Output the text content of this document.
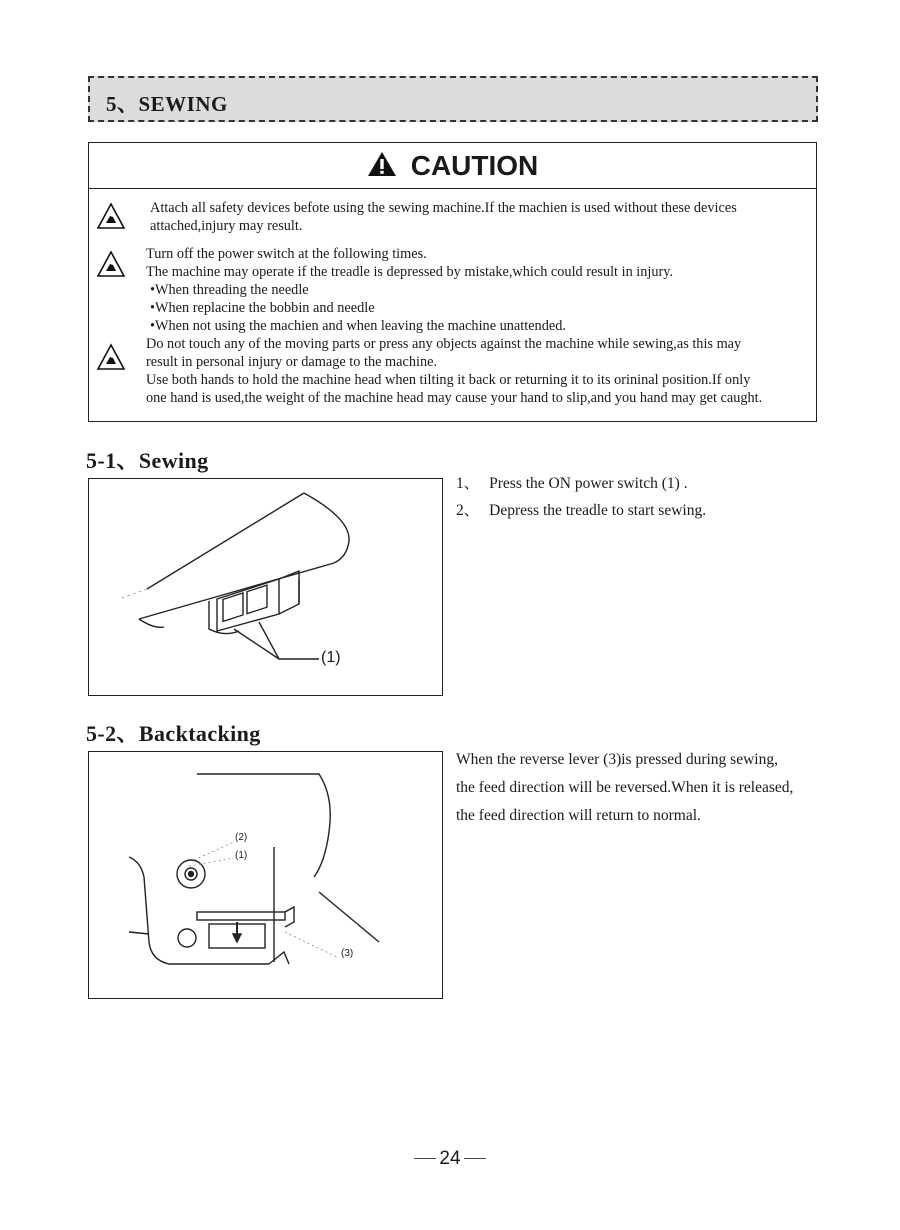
5、SEWING
CAUTION
Attach all safety devices befote using the sewing machine.If the machien is used without these devices
attached,injury may result.
Turn off the power switch at the following times.
The machine may operate if the treadle is depressed by mistake,which could result in injury.
•When threading the needle
•When replacine the bobbin and needle
•When not using the machien and when leaving the machine unattended.
Do not touch any of the moving parts or press any objects against the machine while sewing,as this may
result in personal injury or damage to the machine.
Use both hands to hold the machine head when tilting it back or returning it to its orininal position.If only
one hand is used,the weight of the machine head may cause your hand to slip,and you hand may get caught.
5-1、Sewing
(1)
1、 Press the ON power switch (1) .
2、 Depress the treadle to start sewing.
5-2、Backtacking
(2)
(1)
(3)
When the reverse lever (3)is pressed during sewing,
the feed direction will be reversed.When it is released,
the feed direction will return to normal.
24
